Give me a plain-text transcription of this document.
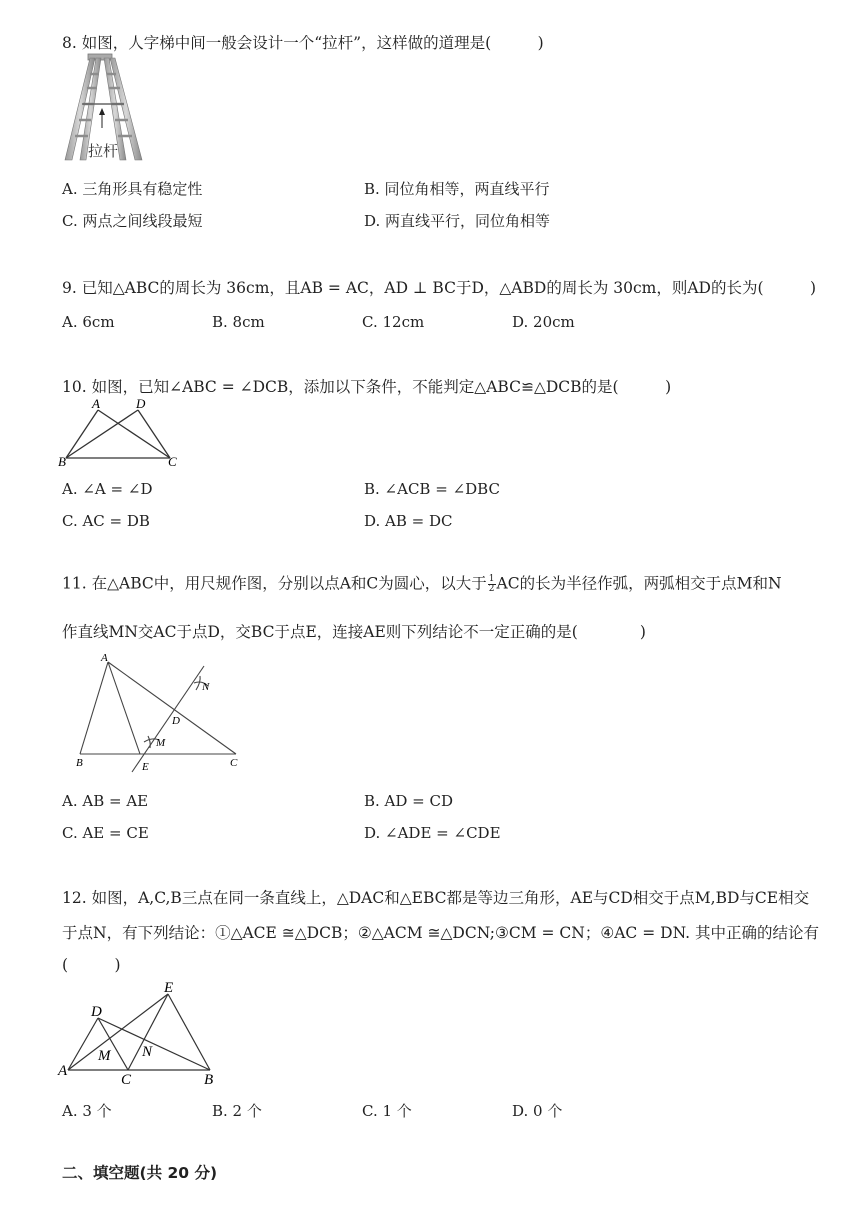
8. 如图，人字梯中间一般会设计一个“拉杆”，这样做的道理是(　　　)
拉杆
A. 三角形具有稳定性	B. 同位角相等，两直线平行
C. 两点之间线段最短	D. 两直线平行，同位角相等
9. 已知△ABC的周长为 36cm，且AB = AC，AD ⊥ BC于D，△ABD的周长为 30cm，则AD的长为(　　　)
A. 6cm	B. 8cm	C. 12cm	D. 20cm
10. 如图，已知∠ABC = ∠DCB，添加以下条件，不能判定△ABC≌△DCB的是(　　　)
A	D
B	C
A. ∠A = ∠D	B. ∠ACB = ∠DBC
C. AC = DB	D. AB = DC
11. 在△ABC中，用尺规作图，分别以点A和C为圆心，以大于 $\frac{1}{2}$ AC的长为半径作弧，两弧相交于点M和N
作直线MN交AC于点D，交BC于点E，连接AE则下列结论不一定正确的是(　　　　)
A
N
D
M
B	E	C
A. AB = AE	B. AD = CD
C. AE = CE	D. ∠ADE = ∠CDE
12. 如图，A,C,B三点在同一条直线上，△DAC和△EBC都是等边三角形，AE与CD相交于点M,BD与CE相交
于点N，有下列结论：①△ACE ≅△DCB；②△ACM ≅△DCN;③CM = CN；④AC = DN. 其中正确的结论有
(　　　)
D
E
M N
A
C	B
A. 3 个	B. 2 个	C. 1 个	D. 0 个
二、填空题(共 20 分)
